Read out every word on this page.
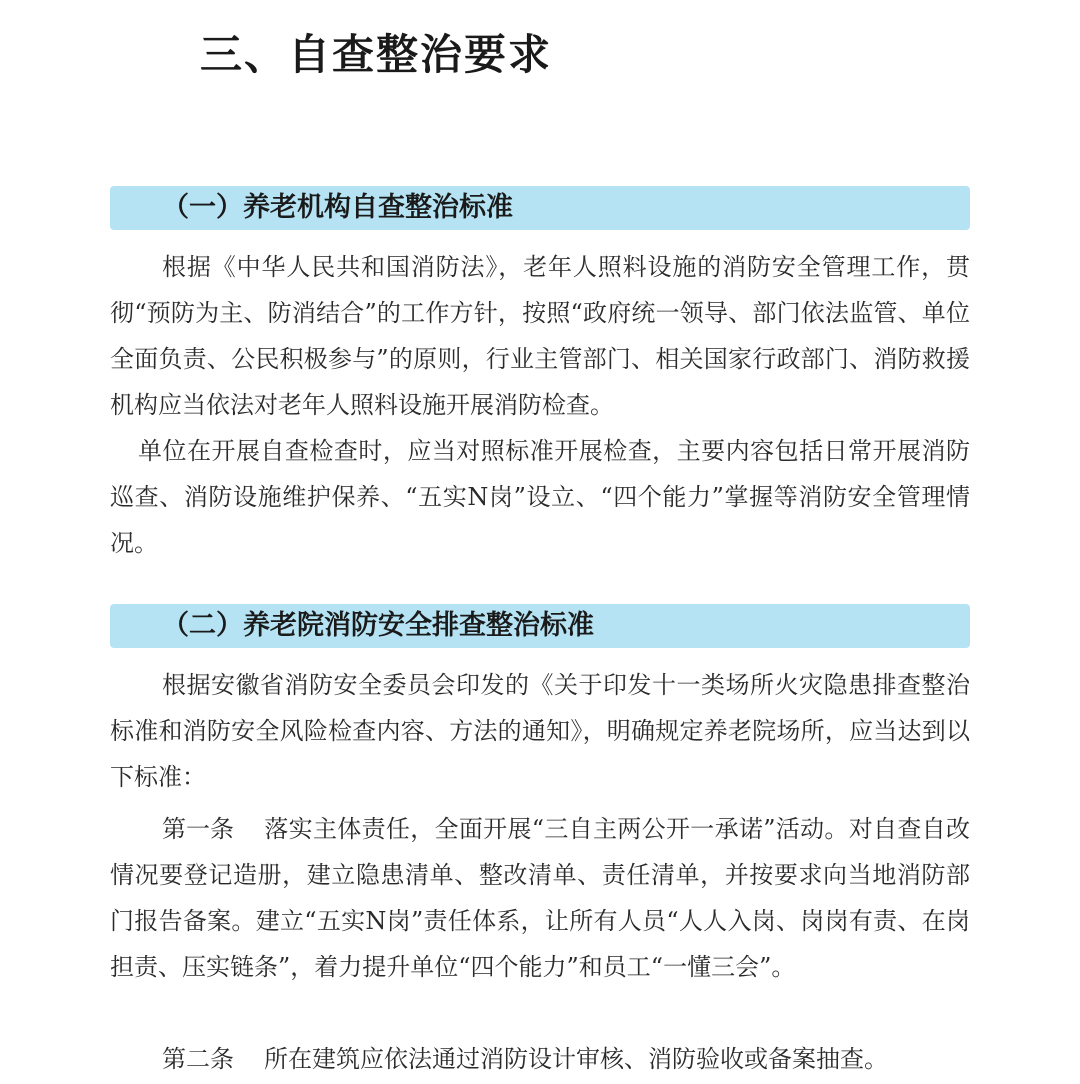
三、自查整治要求
（一）养老机构自查整治标准

根据《中华人民共和国消防法》，老年人照料设施的消防安全管理工作，贯彻“预防为主、防消结合”的工作方针，按照“政府统一领导、部门依法监管、单位全面负责、公民积极参与”的原则，行业主管部门、相关国家行政部门、消防救援机构应当依法对老年人照料设施开展消防检查。

单位在开展自查检查时，应当对照标准开展检查，主要内容包括日常开展消防巡查、消防设施维护保养、“五实N岗”设立、“四个能力”掌握等消防安全管理情况。

（二）养老院消防安全排查整治标准

根据安徽省消防安全委员会印发的《关于印发十一类场所火灾隐患排查整治标准和消防安全风险检查内容、方法的通知》，明确规定养老院场所，应当达到以下标准：

第一条 落实主体责任，全面开展“三自主两公开一承诺”活动。对自查自改情况要登记造册，建立隐患清单、整改清单、责任清单，并按要求向当地消防部门报告备案。建立“五实N岗”责任体系，让所有人员“人人入岗、岗岗有责、在岗担责、压实链条”，着力提升单位“四个能力”和员工“一懂三会”。

第二条 所在建筑应依法通过消防设计审核、消防验收或备案抽查。
